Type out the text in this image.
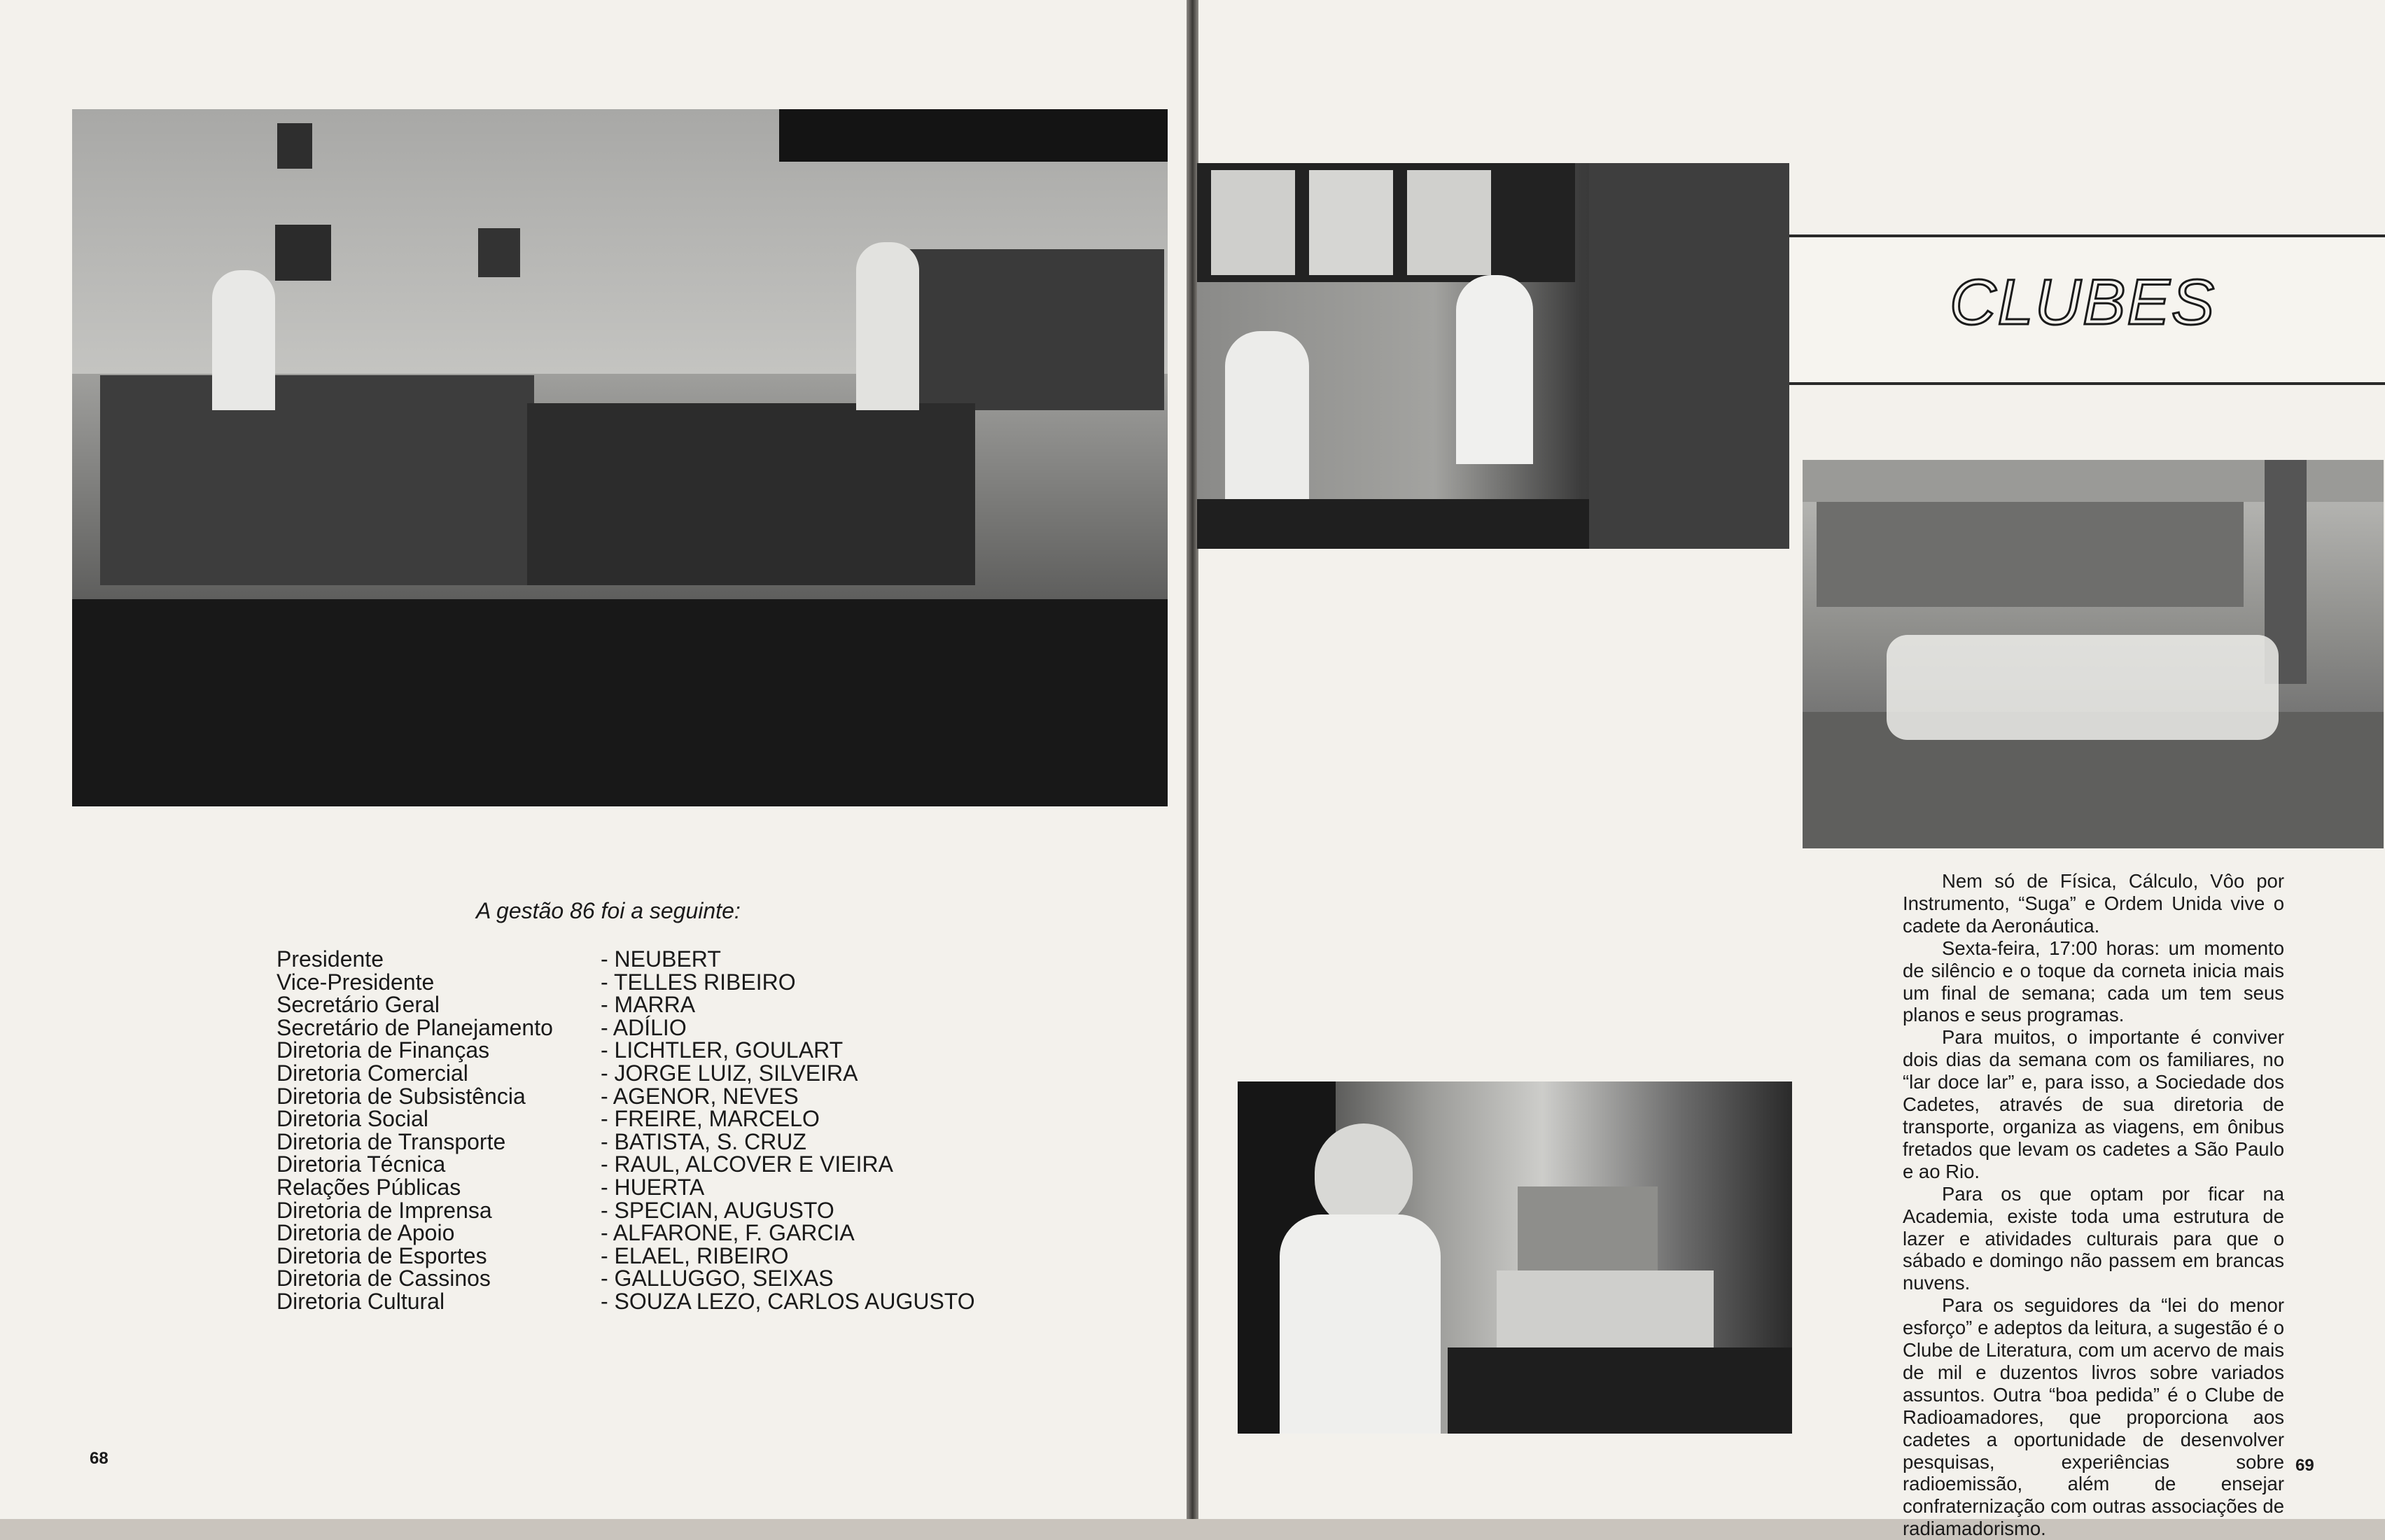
A gestão 86 foi a seguinte:
Presidente
Vice-Presidente
Secretário Geral
Secretário de Planejamento
Diretoria de Finanças
Diretoria Comercial
Diretoria de Subsistência
Diretoria Social
Diretoria de Transporte
Diretoria Técnica
Relações Públicas
Diretoria de Imprensa
Diretoria de Apoio
Diretoria de Esportes
Diretoria de Cassinos
Diretoria Cultural
- NEUBERT
- TELLES RIBEIRO
- MARRA
- ADÍLIO
- LICHTLER, GOULART
- JORGE LUIZ, SILVEIRA
- AGENOR, NEVES
- FREIRE, MARCELO
- BATISTA, S. CRUZ
- RAUL, ALCOVER E VIEIRA
- HUERTA
- SPECIAN, AUGUSTO
- ALFARONE, F. GARCIA
- ELAEL, RIBEIRO
- GALLUGGO, SEIXAS
- SOUZA LEZO, CARLOS AUGUSTO
68
CLUBES

Nem só de Física, Cálculo, Vôo por Instrumento, “Suga” e Ordem Unida vive o cadete da Aeronáutica.

Sexta-feira, 17:00 horas: um momento de silêncio e o toque da corneta inicia mais um final de semana; cada um tem seus planos e seus programas.

Para muitos, o importante é conviver dois dias da semana com os familiares, no “lar doce lar” e, para isso, a Sociedade dos Cadetes, através de sua diretoria de transporte, organiza as viagens, em ônibus fretados que levam os cadetes a São Paulo e ao Rio.

Para os que optam por ficar na Academia, existe toda uma estrutura de lazer e atividades culturais para que o sábado e domingo não passem em brancas nuvens.

Para os seguidores da “lei do menor esforço” e adeptos da leitura, a sugestão é o Clube de Literatura, com um acervo de mais de mil e duzentos livros sobre variados assuntos. Outra “boa pedida” é o Clube de Radioamadores, que proporciona aos cadetes a oportunidade de desenvolver pesquisas, experiências sobre radioemissão, além de ensejar confraternização com outras associações de radiamadorismo.

69
